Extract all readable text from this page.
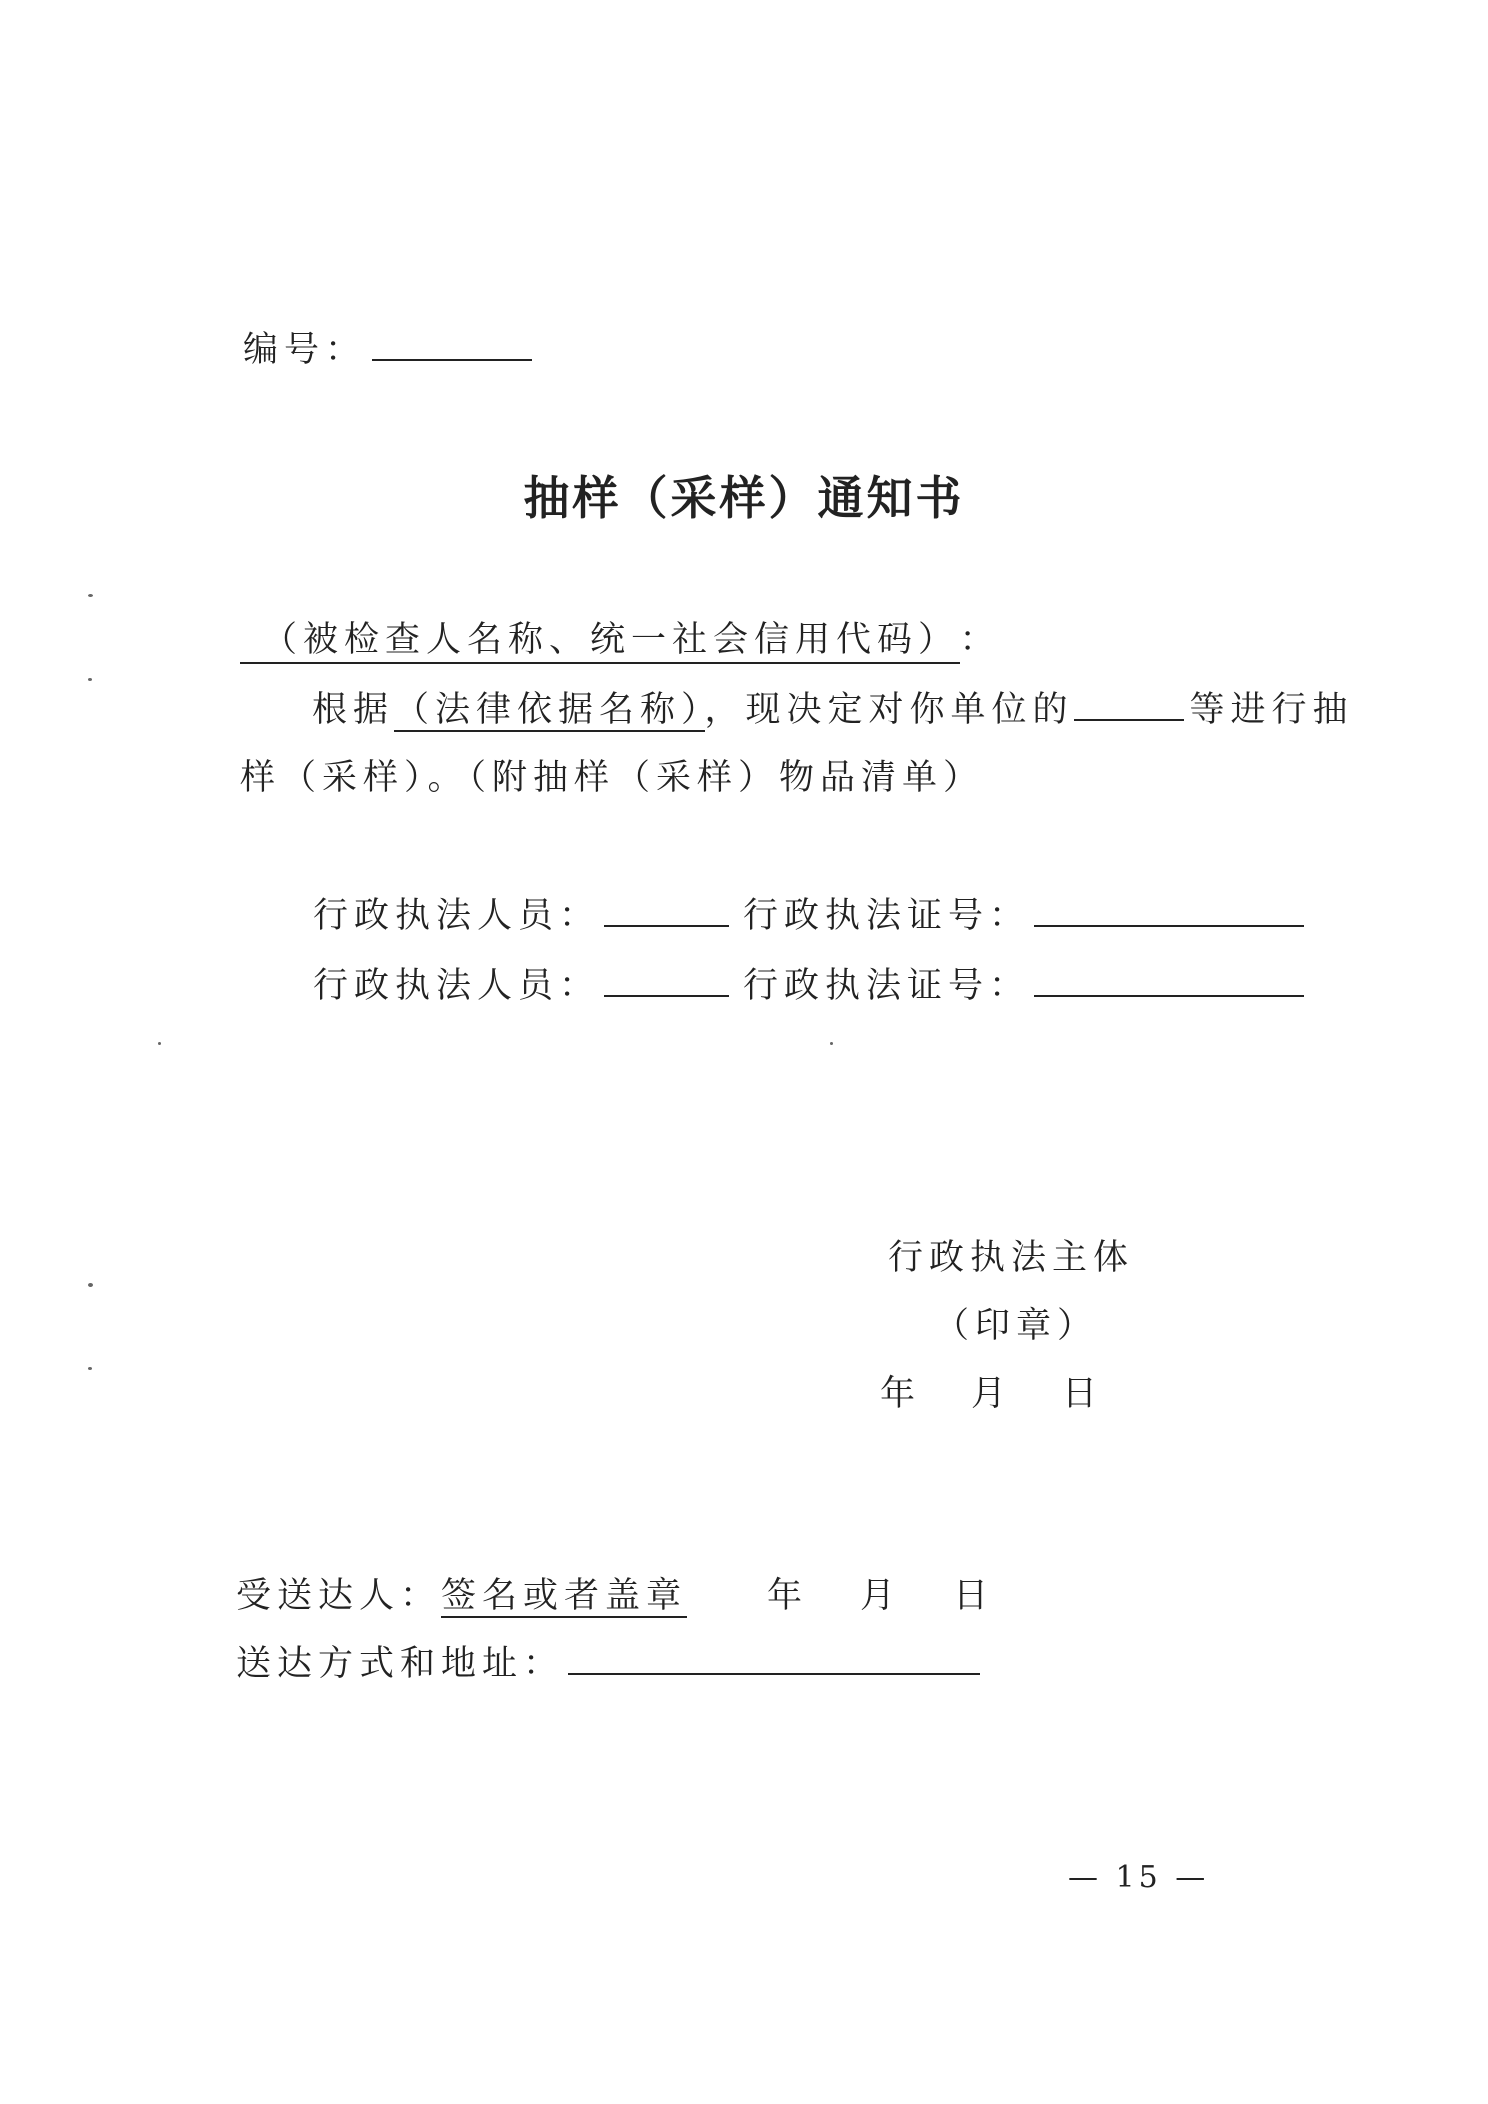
编号：
抽样（采样）通知书
（被检查人名称、统一社会信用代码） ：
根据（法律依据名称），现决定对你单位的	等进行抽
样（采样）。（附抽样（采样）物品清单）
行政执法人员：	行政执法证号：
行政执法人员：	行政执法证号：
行政执法主体
（印章）
年 月 日
受送达人：签名或者盖章 年 月 日
送达方式和地址：
— 15 —
